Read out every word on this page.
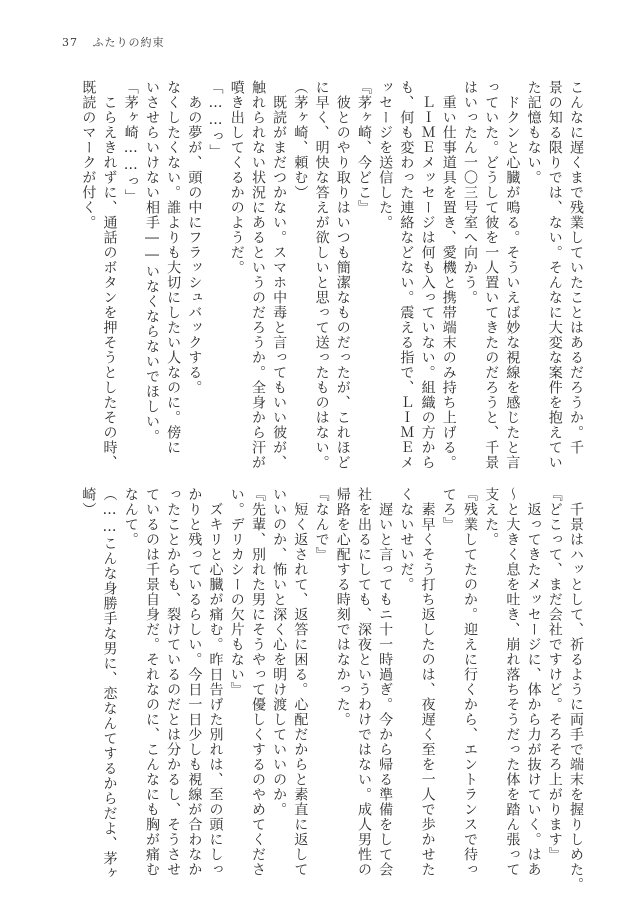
37 ふたりの約束

こんなに遅くまで残業していたことはあるだろうか。千

景の知る限りでは、ない。そんなに大変な案件を抱えてい

た記憶もない。

　ドクンと心臓が鳴る。そういえば妙な視線を感じたと言

っていた。どうして彼を一人置いてきたのだろうと、千景

はいったん一〇三号室へ向かう。

　重い仕事道具を置き、愛機と携帯端末のみ持ち上げる。

　ＬＩＭＥメッセージは何も入っていない。組織の方から

も、何も変わった連絡などない。震える指で、ＬＩＭＥメ

ッセージを送信した。

『茅ヶ崎、今どこ』

　彼とのやり取りはいつも簡潔なものだったが、これほど

に早く、明快な答えが欲しいと思って送ったものはない。

（茅ヶ崎、頼む）

　既読がまだつかない。スマホ中毒と言ってもいい彼が、

触れられない状況にあるというのだろうか。全身から汗が

噴き出してくるかのようだ。

「……っ」

　あの夢が、頭の中にフラッシュバックする。

なくしたくない。誰よりも大切にしたい人なのに。傍に

いさせらいけない相手――いなくならないでほしい。

「茅ヶ崎……っ」

　こらえきれずに、通話のボタンを押そうとしたその時、

既読のマークが付く。

　千景はハッとして、祈るように両手で端末を握りしめた。

『どこって、まだ会社ですけど。そろそろ上がります』

　返ってきたメッセージに、体から力が抜けていく。はあ

～と大きく息を吐き、崩れ落ちそうだった体を踏ん張って

支えた。

『残業してたのか。迎えに行くから、エントランスで待っ

てろ』

　素早くそう打ち返したのは、夜遅く至を一人で歩かせた

くないせいだ。

　遅いと言ってもニ十一時過ぎ。今から帰る準備をして会

社を出るにしても、深夜というわけではない。成人男性の

帰路を心配する時刻ではなかった。

『なんで』

　短く返されて、返答に困る。心配だからと素直に返して

いいのか、怖いと深く心を明け渡していいのか。

『先輩、別れた男にそうやって優しくするのやめてくださ

い。デリカシーの欠片もない』

　ズキリと心臓が痛む。昨日告げた別れは、至の頭にしっ

かりと残っているらしい。今日一日少しも視線が合わなか

ったことからも、裂けているのだとは分かるし、そうさせ

ているのは千景自身だ。それなのに、こんなにも胸が痛む

なんて。

（……こんな身勝手な男に、恋なんてするからだよ、茅ヶ

崎）
